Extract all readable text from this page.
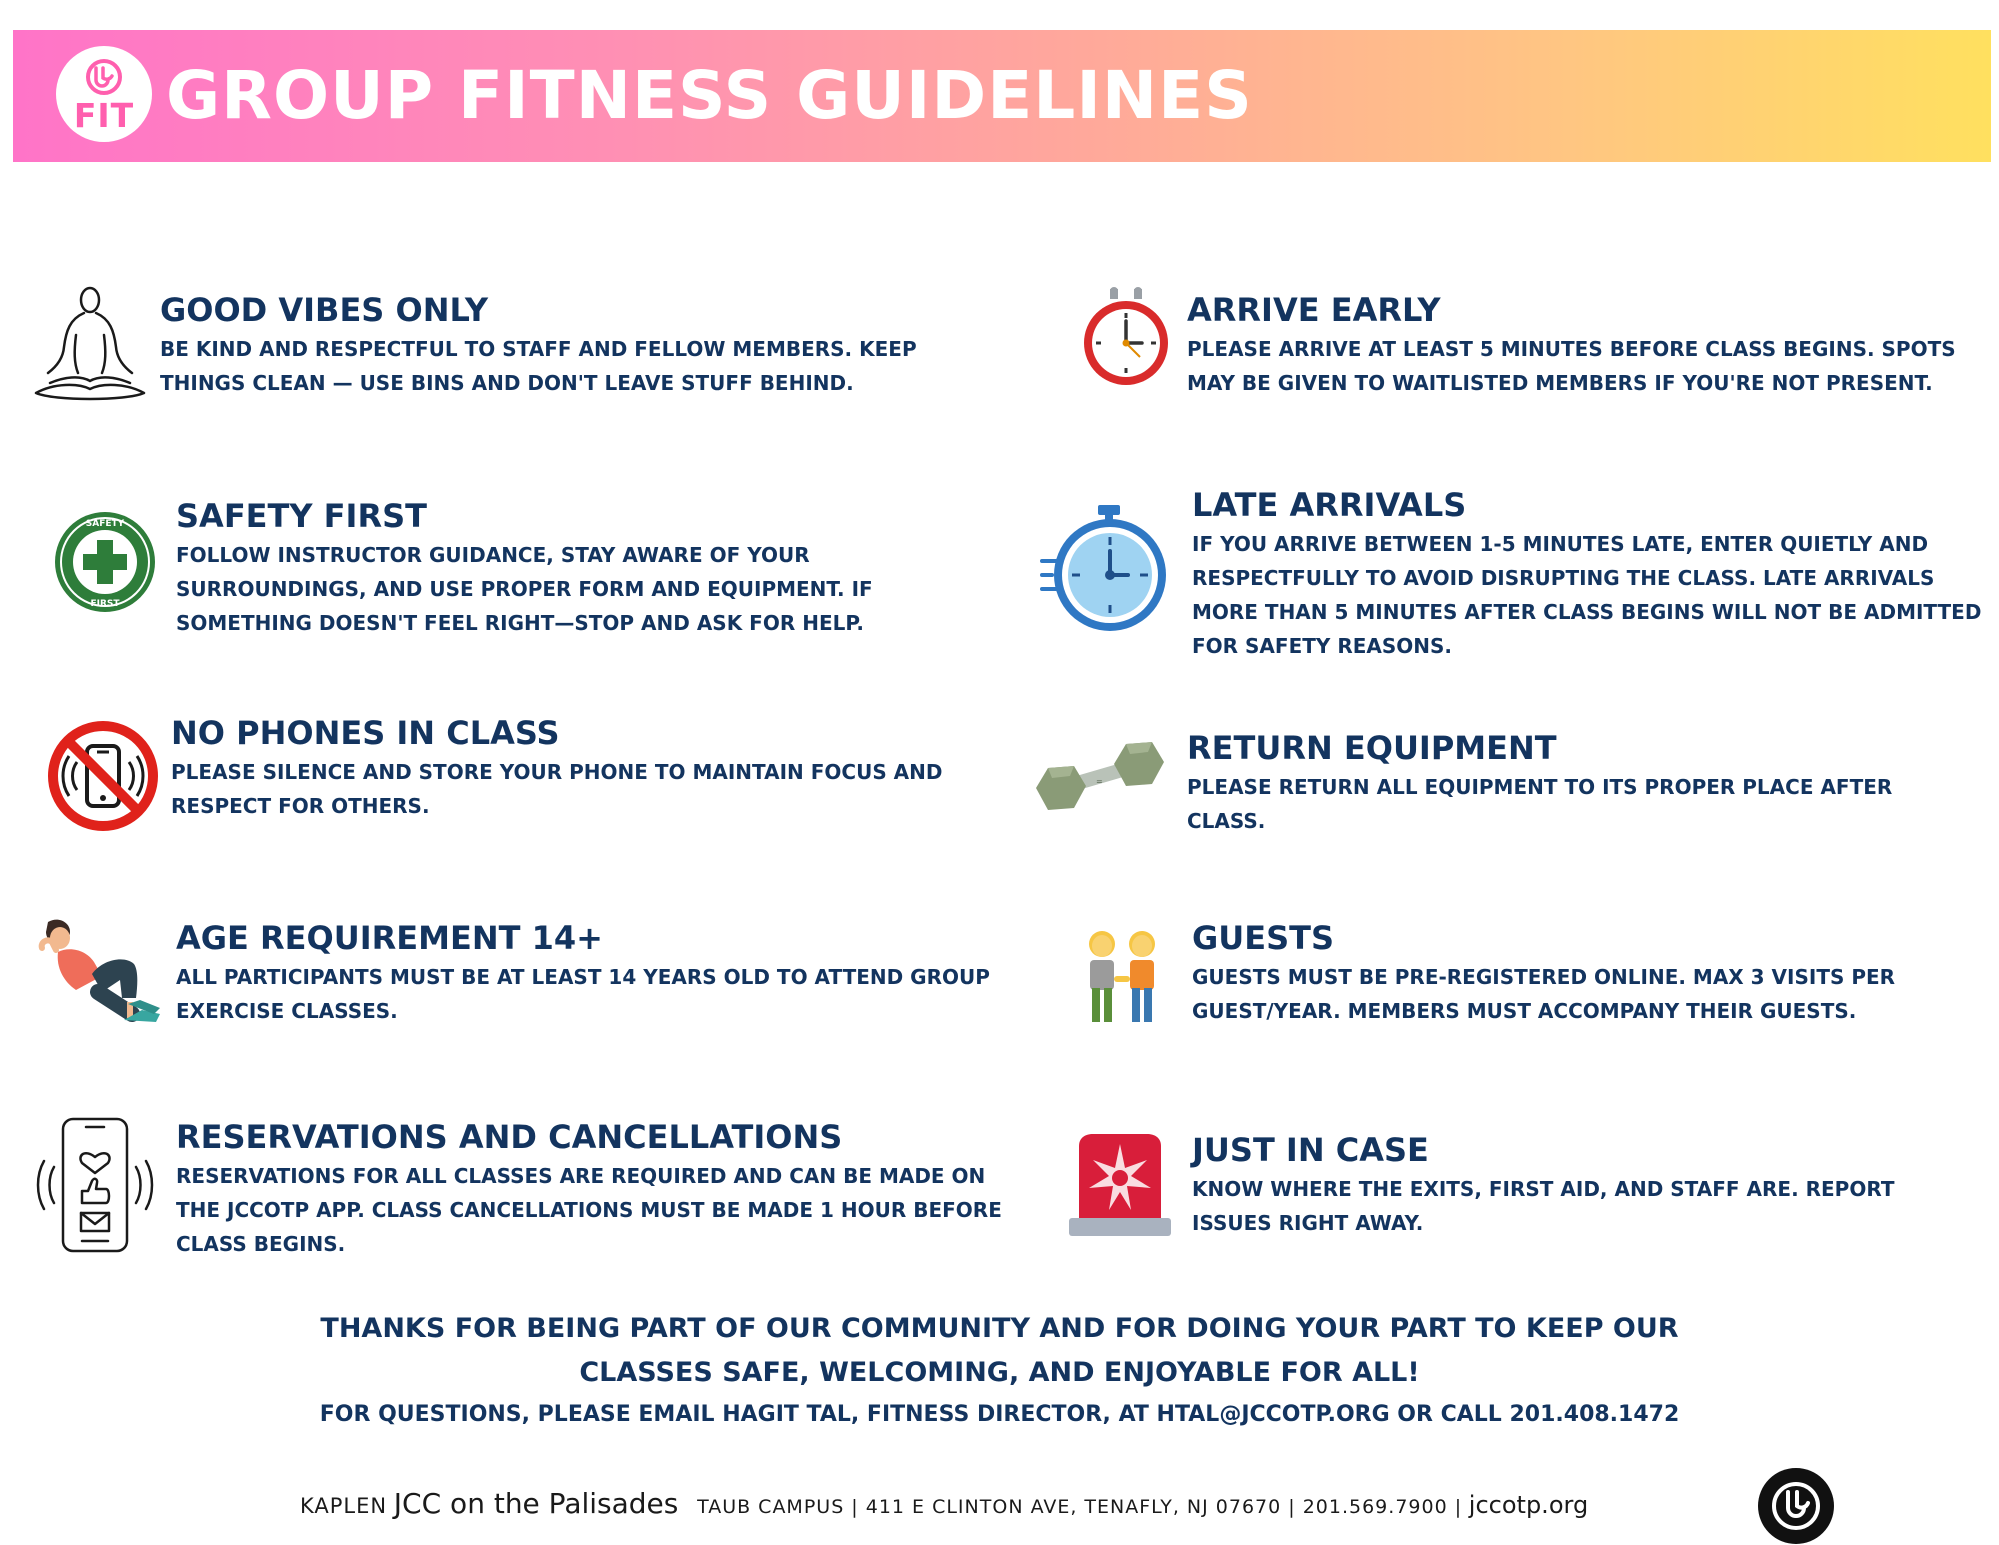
FIT GROUP FITNESS GUIDELINES
SAFETY
FIRST
=
GOOD VIBES ONLY

BE KIND AND RESPECTFUL TO STAFF AND FELLOW MEMBERS. KEEP THINGS CLEAN — USE BINS AND DON'T LEAVE STUFF BEHIND.

SAFETY FIRST

FOLLOW INSTRUCTOR GUIDANCE, STAY AWARE OF YOUR SURROUNDINGS, AND USE PROPER FORM AND EQUIPMENT. IF SOMETHING DOESN'T FEEL RIGHT—STOP AND ASK FOR HELP.

NO PHONES IN CLASS

PLEASE SILENCE AND STORE YOUR PHONE TO MAINTAIN FOCUS AND RESPECT FOR OTHERS.

AGE REQUIREMENT 14+

ALL PARTICIPANTS MUST BE AT LEAST 14 YEARS OLD TO ATTEND GROUP EXERCISE CLASSES.

RESERVATIONS AND CANCELLATIONS

RESERVATIONS FOR ALL CLASSES ARE REQUIRED AND CAN BE MADE ON THE JCCOTP APP. CLASS CANCELLATIONS MUST BE MADE 1 HOUR BEFORE CLASS BEGINS.

ARRIVE EARLY

PLEASE ARRIVE AT LEAST 5 MINUTES BEFORE CLASS BEGINS. SPOTS MAY BE GIVEN TO WAITLISTED MEMBERS IF YOU'RE NOT PRESENT.

LATE ARRIVALS

IF YOU ARRIVE BETWEEN 1-5 MINUTES LATE, ENTER QUIETLY AND RESPECTFULLY TO AVOID DISRUPTING THE CLASS. LATE ARRIVALS MORE THAN 5 MINUTES AFTER CLASS BEGINS WILL NOT BE ADMITTED FOR SAFETY REASONS.

RETURN EQUIPMENT

PLEASE RETURN ALL EQUIPMENT TO ITS PROPER PLACE AFTER CLASS.

GUESTS

GUESTS MUST BE PRE-REGISTERED ONLINE. MAX 3 VISITS PER GUEST/YEAR. MEMBERS MUST ACCOMPANY THEIR GUESTS.

JUST IN CASE

KNOW WHERE THE EXITS, FIRST AID, AND STAFF ARE. REPORT ISSUES RIGHT AWAY.

THANKS FOR BEING PART OF OUR COMMUNITY AND FOR DOING YOUR PART TO KEEP OUR
CLASSES SAFE, WELCOMING, AND ENJOYABLE FOR ALL!
FOR QUESTIONS, PLEASE EMAIL HAGIT TAL, FITNESS DIRECTOR, AT HTAL@JCCOTP.ORG OR CALL 201.408.1472
KAPLEN JCC on the Palisades TAUB CAMPUS | 411 E CLINTON AVE, TENAFLY, NJ 07670 | 201.569.7900 | jccotp.org
